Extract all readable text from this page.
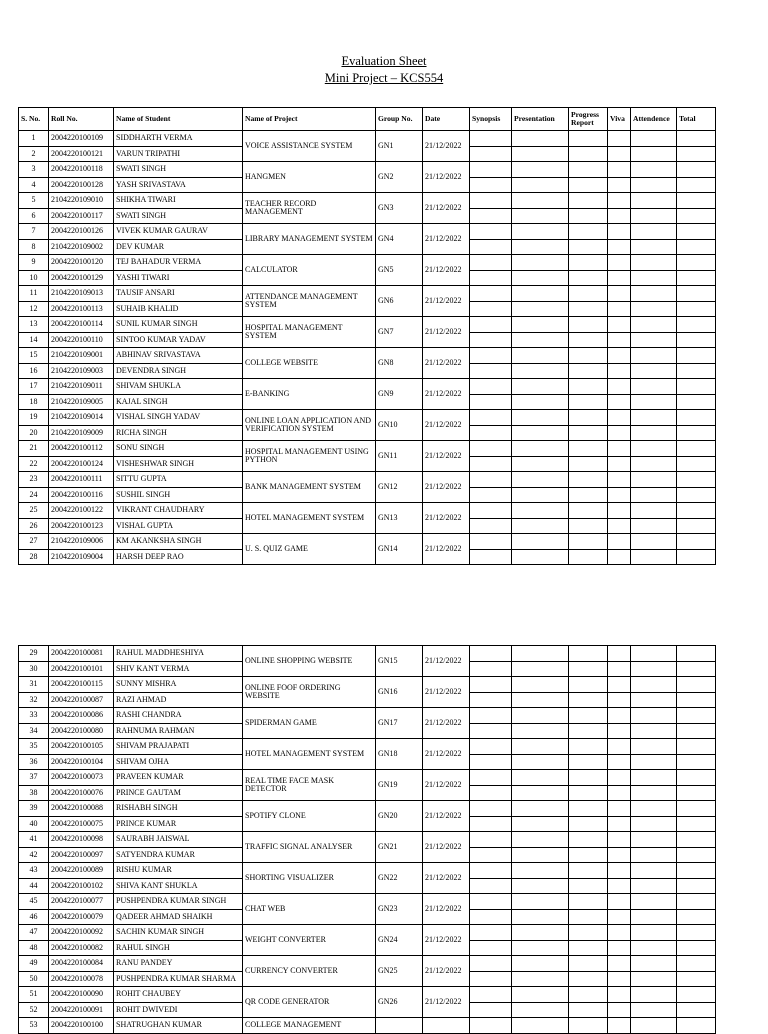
Evaluation Sheet
Mini Project – KCS554
S. No.	Roll No.	Name of Student	Name of Project	Group No.	Date	Synopsis	Presentation	Progress Report	Viva	Attendence	Total
1	2004220100109	SIDDHARTH VERMA	VOICE ASSISTANCE SYSTEM	GN1	21/12/2022						
2	2004220100121	VARUN TRIPATHI									
3	2004220100118	SWATI SINGH	HANGMEN	GN2	21/12/2022						
4	2004220100128	YASH SRIVASTAVA									
5	2104220109010	SHIKHA TIWARI	TEACHER RECORD MANAGEMENT	GN3	21/12/2022						
6	2004220100117	SWATI SINGH									
7	2004220100126	VIVEK KUMAR GAURAV	LIBRARY MANAGEMENT SYSTEM	GN4	21/12/2022						
8	2104220109002	DEV KUMAR									
9	2004220100120	TEJ BAHADUR VERMA	CALCULATOR	GN5	21/12/2022						
10	2004220100129	YASHI TIWARI									
11	2104220109013	TAUSIF ANSARI	ATTENDANCE MANAGEMENT SYSTEM	GN6	21/12/2022						
12	2004220100113	SUHAIB KHALID									
13	2004220100114	SUNIL KUMAR SINGH	HOSPITAL MANAGEMENT SYSTEM	GN7	21/12/2022						
14	2004220100110	SINTOO KUMAR YADAV									
15	2104220109001	ABHINAV SRIVASTAVA	COLLEGE WEBSITE	GN8	21/12/2022						
16	2104220109003	DEVENDRA SINGH									
17	2104220109011	SHIVAM SHUKLA	E-BANKING	GN9	21/12/2022						
18	2104220109005	KAJAL SINGH									
19	2104220109014	VISHAL SINGH YADAV	ONLINE LOAN APPLICATION AND VERIFICATION SYSTEM	GN10	21/12/2022						
20	2104220109009	RICHA SINGH									
21	2004220100112	SONU SINGH	HOSPITAL MANAGEMENT USING PYTHON	GN11	21/12/2022						
22	2004220100124	VISHESHWAR SINGH									
23	2004220100111	SITTU GUPTA	BANK MANAGEMENT SYSTEM	GN12	21/12/2022						
24	2004220100116	SUSHIL SINGH									
25	2004220100122	VIKRANT CHAUDHARY	HOTEL MANAGEMENT SYSTEM	GN13	21/12/2022						
26	2004220100123	VISHAL GUPTA									
27	2104220109006	KM AKANKSHA SINGH	U. S. QUIZ GAME	GN14	21/12/2022						
28	2104220109004	HARSH DEEP RAO									
29	2004220100081	RAHUL MADDHESHIYA	ONLINE SHOPPING WEBSITE	GN15	21/12/2022						
30	2004220100101	SHIV KANT VERMA									
31	2004220100115	SUNNY MISHRA	ONLINE FOOF ORDERING WEBSITE	GN16	21/12/2022						
32	2004220100087	RAZI AHMAD									
33	2004220100086	RASHI CHANDRA	SPIDERMAN GAME	GN17	21/12/2022						
34	2004220100080	RAHNUMA RAHMAN									
35	2004220100105	SHIVAM PRAJAPATI	HOTEL MANAGEMENT SYSTEM	GN18	21/12/2022						
36	2004220100104	SHIVAM OJHA									
37	2004220100073	PRAVEEN KUMAR	REAL TIME FACE MASK DETECTOR	GN19	21/12/2022						
38	2004220100076	PRINCE GAUTAM									
39	2004220100088	RISHABH SINGH	SPOTIFY CLONE	GN20	21/12/2022						
40	2004220100075	PRINCE KUMAR									
41	2004220100098	SAURABH JAISWAL	TRAFFIC SIGNAL ANALYSER	GN21	21/12/2022						
42	2004220100097	SATYENDRA KUMAR									
43	2004220100089	RISHU KUMAR	SHORTING VISUALIZER	GN22	21/12/2022						
44	2004220100102	SHIVA KANT SHUKLA									
45	2004220100077	PUSHPENDRA KUMAR SINGH	CHAT WEB	GN23	21/12/2022						
46	2004220100079	QADEER AHMAD SHAIKH									
47	2004220100092	SACHIN KUMAR SINGH	WEIGHT CONVERTER	GN24	21/12/2022						
48	2004220100082	RAHUL SINGH									
49	2004220100084	RANU PANDEY	CURRENCY CONVERTER	GN25	21/12/2022						
50	2004220100078	PUSHPENDRA KUMAR SHARMA									
51	2004220100090	ROHIT CHAUBEY	QR CODE GENERATOR	GN26	21/12/2022						
52	2004220100091	ROHIT DWIVEDI									
53	2004220100100	SHATRUGHAN KUMAR	COLLEGE MANAGEMENT								
